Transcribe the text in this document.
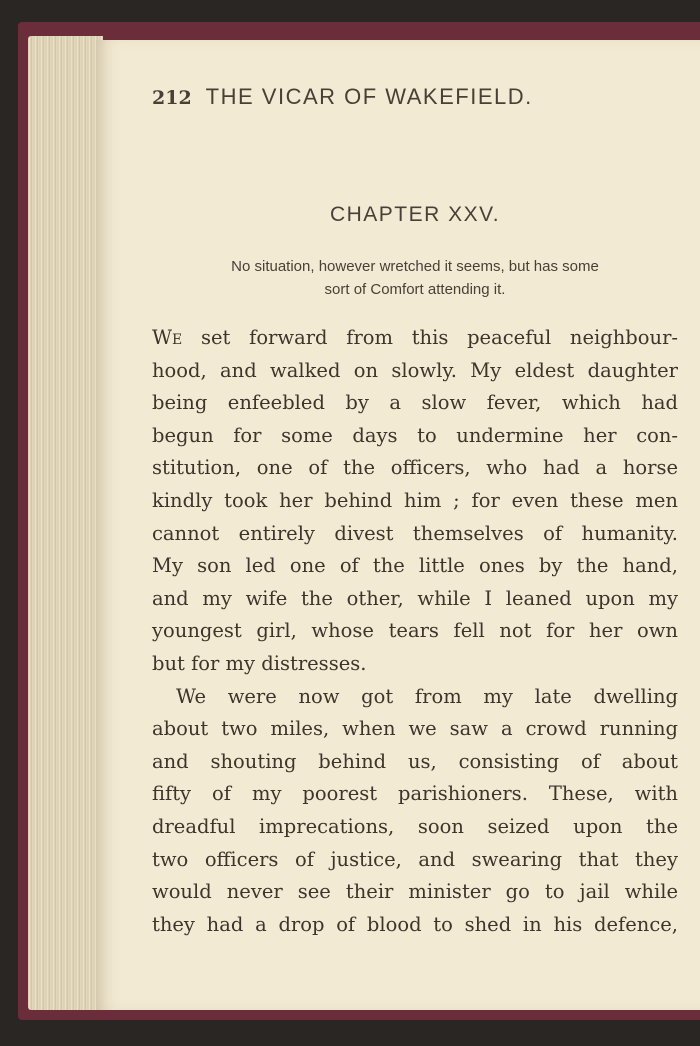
212 THE VICAR OF WAKEFIELD.
CHAPTER XXV.
No situation, however wretched it seems, but has some
sort of Comfort attending it.
We set forward from this peaceful neighbour-
hood, and walked on slowly. My eldest daughter
being enfeebled by a slow fever, which had
begun for some days to undermine her con-
stitution, one of the officers, who had a horse
kindly took her behind him ; for even these men
cannot entirely divest themselves of humanity.
My son led one of the little ones by the hand,
and my wife the other, while I leaned upon my
youngest girl, whose tears fell not for her own
but for my distresses.
We were now got from my late dwelling
about two miles, when we saw a crowd running
and shouting behind us, consisting of about
fifty of my poorest parishioners. These, with
dreadful imprecations, soon seized upon the
two officers of justice, and swearing that they
would never see their minister go to jail while
they had a drop of blood to shed in his defence,
